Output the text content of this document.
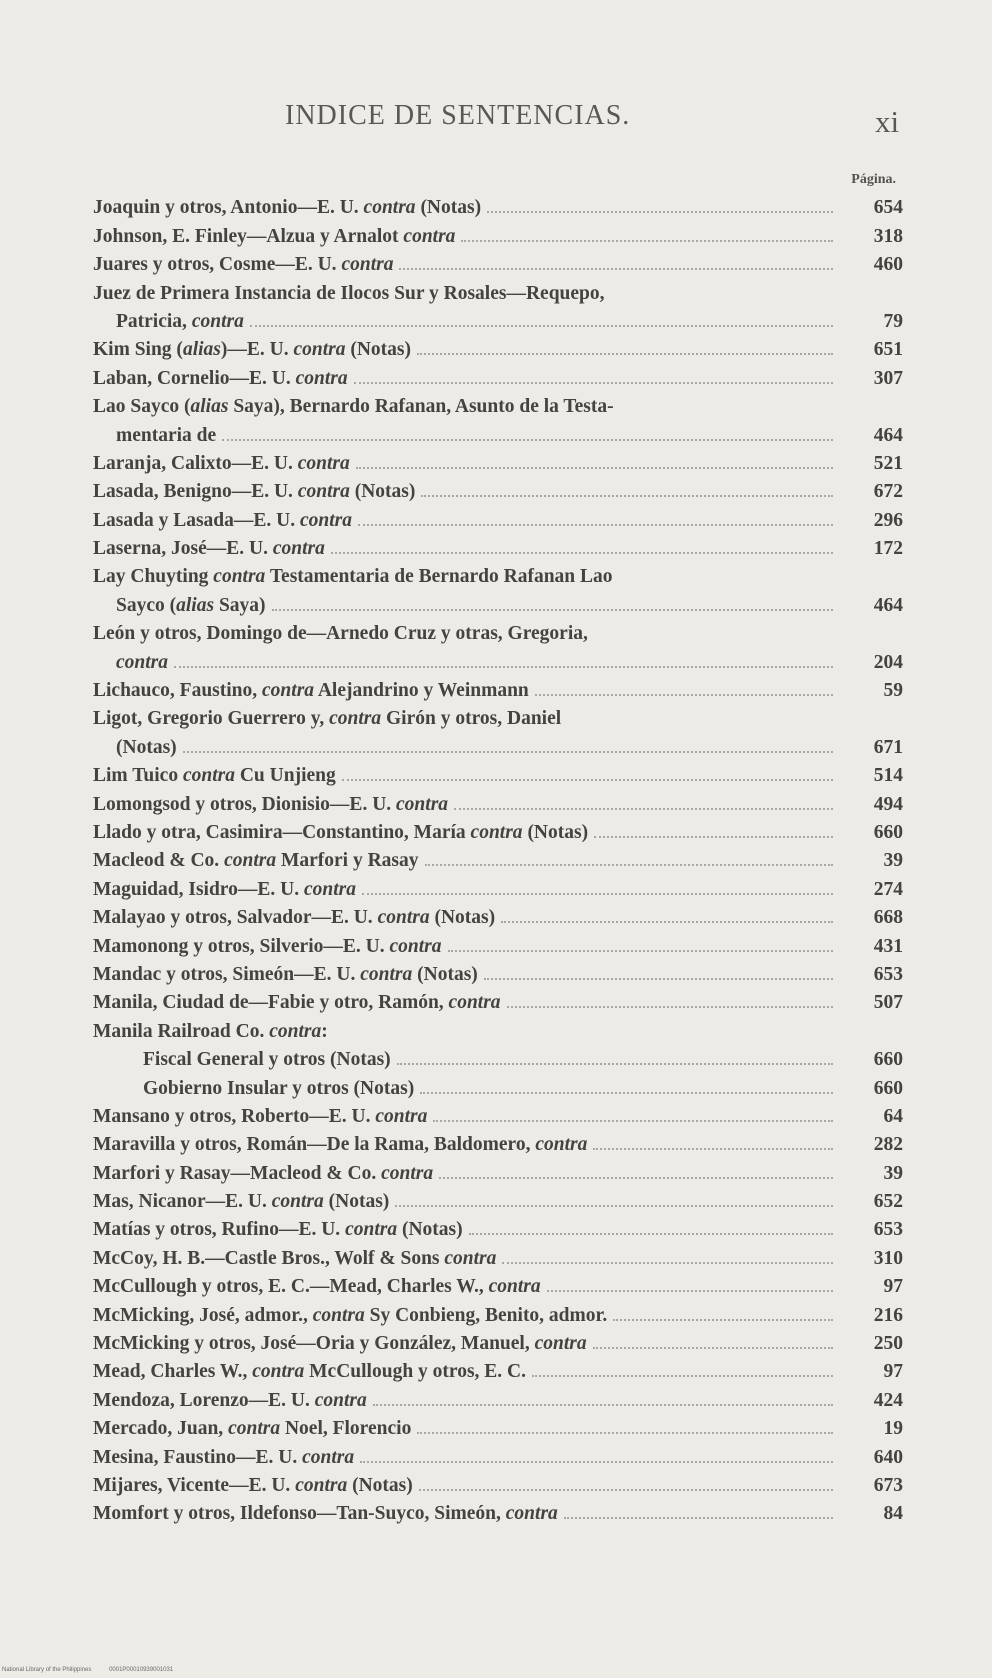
INDICE DE SENTENCIAS.	xi
Página.
Joaquin y otros, Antonio—E. U. contra (Notas)	654
Johnson, E. Finley—Alzua y Arnalot contra	318
Juares y otros, Cosme—E. U. contra	460
Juez de Primera Instancia de Ilocos Sur y Rosales—Requepo,
Patricia, contra	79
Kim Sing (alias)—E. U. contra (Notas)	651
Laban, Cornelio—E. U. contra	307
Lao Sayco (alias Saya), Bernardo Rafanan, Asunto de la Testa-
mentaria de	464
Laranja, Calixto—E. U. contra	521
Lasada, Benigno—E. U. contra (Notas)	672
Lasada y Lasada—E. U. contra	296
Laserna, José—E. U. contra	172
Lay Chuyting contra Testamentaria de Bernardo Rafanan Lao
Sayco (alias Saya)	464
León y otros, Domingo de—Arnedo Cruz y otras, Gregoria,
contra	204
Lichauco, Faustino, contra Alejandrino y Weinmann	59
Ligot, Gregorio Guerrero y, contra Girón y otros, Daniel
(Notas)	671
Lim Tuico contra Cu Unjieng	514
Lomongsod y otros, Dionisio—E. U. contra	494
Llado y otra, Casimira—Constantino, María contra (Notas)	660
Macleod & Co. contra Marfori y Rasay	39
Maguidad, Isidro—E. U. contra	274
Malayao y otros, Salvador—E. U. contra (Notas)	668
Mamonong y otros, Silverio—E. U. contra	431
Mandac y otros, Simeón—E. U. contra (Notas)	653
Manila, Ciudad de—Fabie y otro, Ramón, contra	507
Manila Railroad Co. contra:
Fiscal General y otros (Notas)	660
Gobierno Insular y otros (Notas)	660
Mansano y otros, Roberto—E. U. contra	64
Maravilla y otros, Román—De la Rama, Baldomero, contra	282
Marfori y Rasay—Macleod & Co. contra	39
Mas, Nicanor—E. U. contra (Notas)	652
Matías y otros, Rufino—E. U. contra (Notas)	653
McCoy, H. B.—Castle Bros., Wolf & Sons contra	310
McCullough y otros, E. C.—Mead, Charles W., contra	97
McMicking, José, admor., contra Sy Conbieng, Benito, admor.	216
McMicking y otros, José—Oria y González, Manuel, contra	250
Mead, Charles W., contra McCullough y otros, E. C.	97
Mendoza, Lorenzo—E. U. contra	424
Mercado, Juan, contra Noel, Florencio	19
Mesina, Faustino—E. U. contra	640
Mijares, Vicente—E. U. contra (Notas)	673
Momfort y otros, Ildefonso—Tan-Suyco, Simeón, contra	84
National Library of the Philippines	0001P00010939001031
